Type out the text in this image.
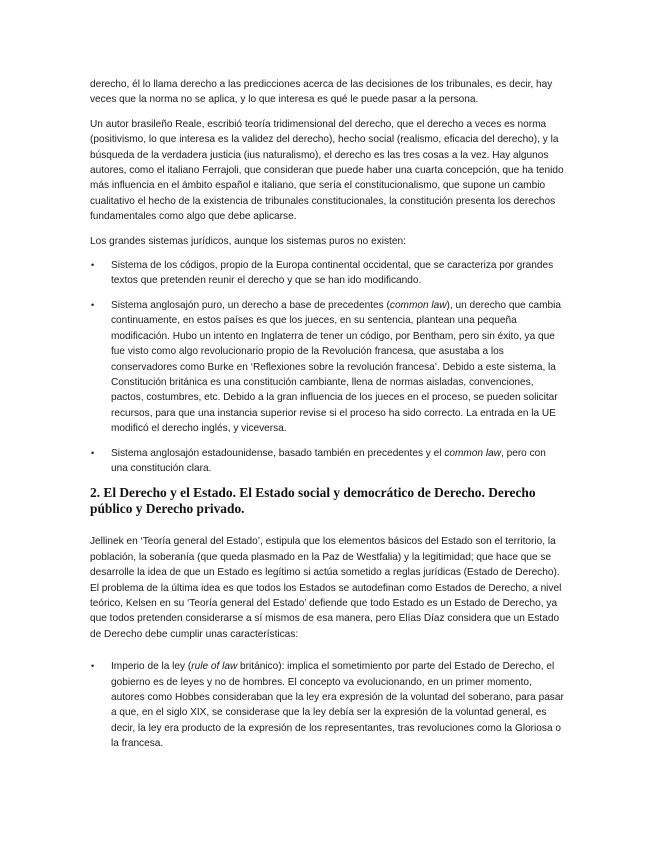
derecho, él lo llama derecho a las predicciones acerca de las decisiones de los tribunales, es decir, hay veces que la norma no se aplica, y lo que interesa es qué le puede pasar a la persona.

Un autor brasileño Reale, escribió teoría tridimensional del derecho, que el derecho a veces es norma (positivismo, lo que interesa es la validez del derecho), hecho social (realismo, eficacia del derecho), y la búsqueda de la verdadera justicia (ius naturalismo), el derecho es las tres cosas a la vez. Hay algunos autores, como el italiano Ferrajoli, que consideran que puede haber una cuarta concepción, que ha tenido más influencia en el ámbito español e italiano, que sería el constitucionalismo, que supone un cambio cualitativo el hecho de la existencia de tribunales constitucionales, la constitución presenta los derechos fundamentales como algo que debe aplicarse.

Los grandes sistemas jurídicos, aunque los sistemas puros no existen:

• Sistema de los códigos, propio de la Europa continental occidental, que se caracteriza por grandes textos que pretenden reunir el derecho y que se han ido modificando.
• Sistema anglosajón puro, un derecho a base de precedentes (common law), un derecho que cambia continuamente, en estos países es que los jueces, en su sentencia, plantean una pequeña modificación. Hubo un intento en Inglaterra de tener un código, por Bentham, pero sin éxito, ya que fue visto como algo revolucionario propio de la Revolución francesa, que asustaba a los conservadores como Burke en ‘Reflexiones sobre la revolución francesa’. Debido a este sistema, la Constitución británica es una constitución cambiante, llena de normas aisladas, convenciones, pactos, costumbres, etc. Debido a la gran influencia de los jueces en el proceso, se pueden solicitar recursos, para que una instancia superior revise si el proceso ha sido correcto. La entrada en la UE modificó el derecho inglés, y viceversa.
• Sistema anglosajón estadounidense, basado también en precedentes y el common law, pero con una constitución clara.
2. El Derecho y el Estado. El Estado social y democrático de Derecho. Derecho público y Derecho privado.

Jellinek en ‘Teoría general del Estado’, estipula que los elementos básicos del Estado son el territorio, la población, la soberanía (que queda plasmado en la Paz de Westfalia) y la legitimidad; que hace que se desarrolle la idea de que un Estado es legítimo si actúa sometido a reglas jurídicas (Estado de Derecho). El problema de la última idea es que todos los Estados se autodefinan como Estados de Derecho, a nivel teórico, Kelsen en su ‘Teoría general del Estado’ defiende que todo Estado es un Estado de Derecho, ya que todos pretenden considerarse a sí mismos de esa manera, pero Elías Díaz considera que un Estado de Derecho debe cumplir unas características:

• Imperio de la ley (rule of law británico): implica el sometimiento por parte del Estado de Derecho, el gobierno es de leyes y no de hombres. El concepto va evolucionando, en un primer momento, autores como Hobbes consideraban que la ley era expresión de la voluntad del soberano, para pasar a que, en el siglo XIX, se considerase que la ley debía ser la expresión de la voluntad general, es decir, la ley era producto de la expresión de los representantes, tras revoluciones como la Gloriosa o la francesa.
